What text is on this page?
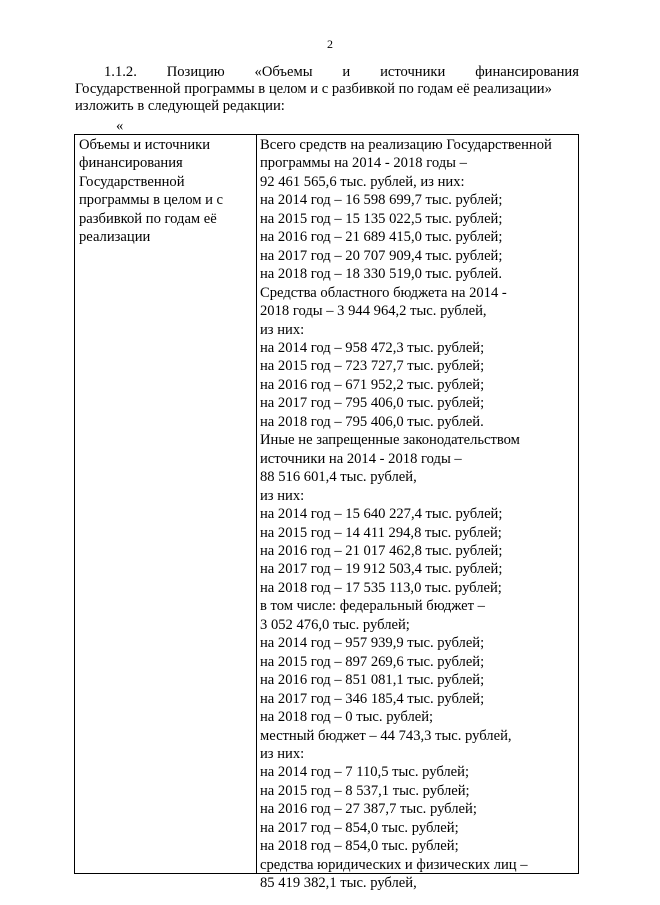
2
1.1.2. Позицию «Объемы и источники финансирования
Государственной программы в целом и с разбивкой по годам её реализации»
изложить в следующей редакции:
«
Объемы и источники
финансирования
Государственной
программы в целом и с
разбивкой по годам её
реализации
Всего средств на реализацию Государственной
программы на 2014 - 2018 годы –
92 461 565,6 тыс. рублей, из них:
на 2014 год – 16 598 699,7 тыс. рублей;
на 2015 год – 15 135 022,5 тыс. рублей;
на 2016 год – 21 689 415,0 тыс. рублей;
на 2017 год – 20 707 909,4 тыс. рублей;
на 2018 год – 18 330 519,0 тыс. рублей.
Средства областного бюджета на 2014 -
2018 годы – 3 944 964,2 тыс. рублей,
из них:
на 2014 год – 958 472,3 тыс. рублей;
на 2015 год – 723 727,7 тыс. рублей;
на 2016 год – 671 952,2 тыс. рублей;
на 2017 год – 795 406,0 тыс. рублей;
на 2018 год – 795 406,0 тыс. рублей.
Иные не запрещенные законодательством
источники на 2014 - 2018 годы –
88 516 601,4 тыс. рублей,
из них:
на 2014 год – 15 640 227,4 тыс. рублей;
на 2015 год – 14 411 294,8 тыс. рублей;
на 2016 год – 21 017 462,8 тыс. рублей;
на 2017 год – 19 912 503,4 тыс. рублей;
на 2018 год – 17 535 113,0 тыс. рублей;
в том числе: федеральный бюджет –
3 052 476,0 тыс. рублей;
на 2014 год – 957 939,9 тыс. рублей;
на 2015 год – 897 269,6 тыс. рублей;
на 2016 год – 851 081,1 тыс. рублей;
на 2017 год – 346 185,4 тыс. рублей;
на 2018 год – 0 тыс. рублей;
местный бюджет – 44 743,3 тыс. рублей,
из них:
на 2014 год – 7 110,5 тыс. рублей;
на 2015 год – 8 537,1 тыс. рублей;
на 2016 год – 27 387,7 тыс. рублей;
на 2017 год – 854,0 тыс. рублей;
на 2018 год – 854,0 тыс. рублей;
средства юридических и физических лиц –
85 419 382,1 тыс. рублей,
